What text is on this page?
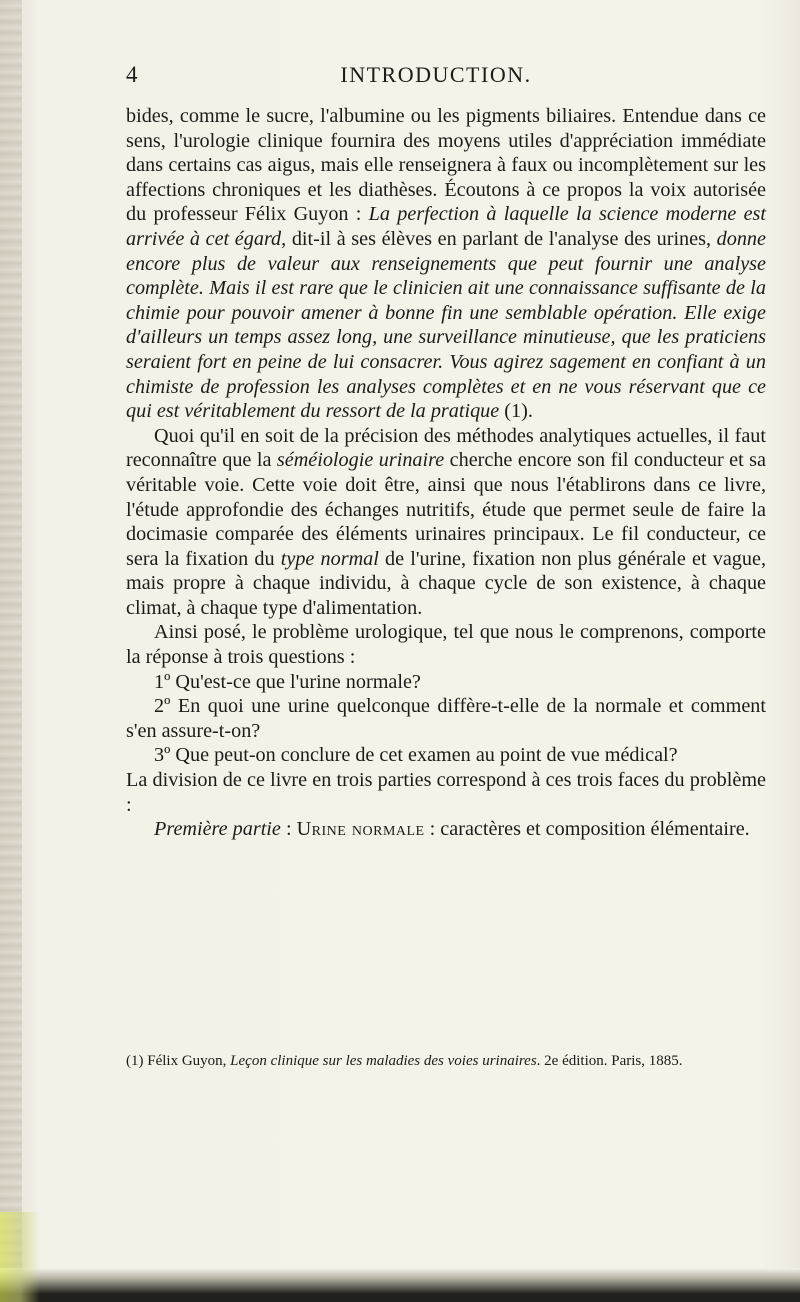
4	INTRODUCTION.

bides, comme le sucre, l'albumine ou les pigments biliaires. Entendue dans ce sens, l'urologie clinique fournira des moyens utiles d'appréciation immédiate dans certains cas aigus, mais elle renseignera à faux ou incomplètement sur les affections chroniques et les diathèses. Écoutons à ce propos la voix autorisée du professeur Félix Guyon : La perfection à laquelle la science moderne est arrivée à cet égard, dit-il à ses élèves en parlant de l'analyse des urines, donne encore plus de valeur aux renseignements que peut fournir une analyse complète. Mais il est rare que le clinicien ait une connaissance suffisante de la chimie pour pouvoir amener à bonne fin une semblable opération. Elle exige d'ailleurs un temps assez long, une surveillance minutieuse, que les praticiens seraient fort en peine de lui consacrer. Vous agirez sagement en confiant à un chimiste de profession les analyses complètes et en ne vous réservant que ce qui est véritablement du ressort de la pratique (1).

Quoi qu'il en soit de la précision des méthodes analytiques actuelles, il faut reconnaître que la séméiologie urinaire cherche encore son fil conducteur et sa véritable voie. Cette voie doit être, ainsi que nous l'établirons dans ce livre, l'étude approfondie des échanges nutritifs, étude que permet seule de faire la docimasie comparée des éléments urinaires principaux. Le fil conducteur, ce sera la fixation du type normal de l'urine, fixation non plus générale et vague, mais propre à chaque individu, à chaque cycle de son existence, à chaque climat, à chaque type d'alimentation.

Ainsi posé, le problème urologique, tel que nous le comprenons, comporte la réponse à trois questions :

1º Qu'est-ce que l'urine normale?

2º En quoi une urine quelconque diffère-t-elle de la normale et comment s'en assure-t-on?

3º Que peut-on conclure de cet examen au point de vue médical?

La division de ce livre en trois parties correspond à ces trois faces du problème :

Première partie : Urine normale : caractères et composition élémentaire.

(1) Félix Guyon, Leçon clinique sur les maladies des voies urinaires. 2e édition. Paris, 1885.
